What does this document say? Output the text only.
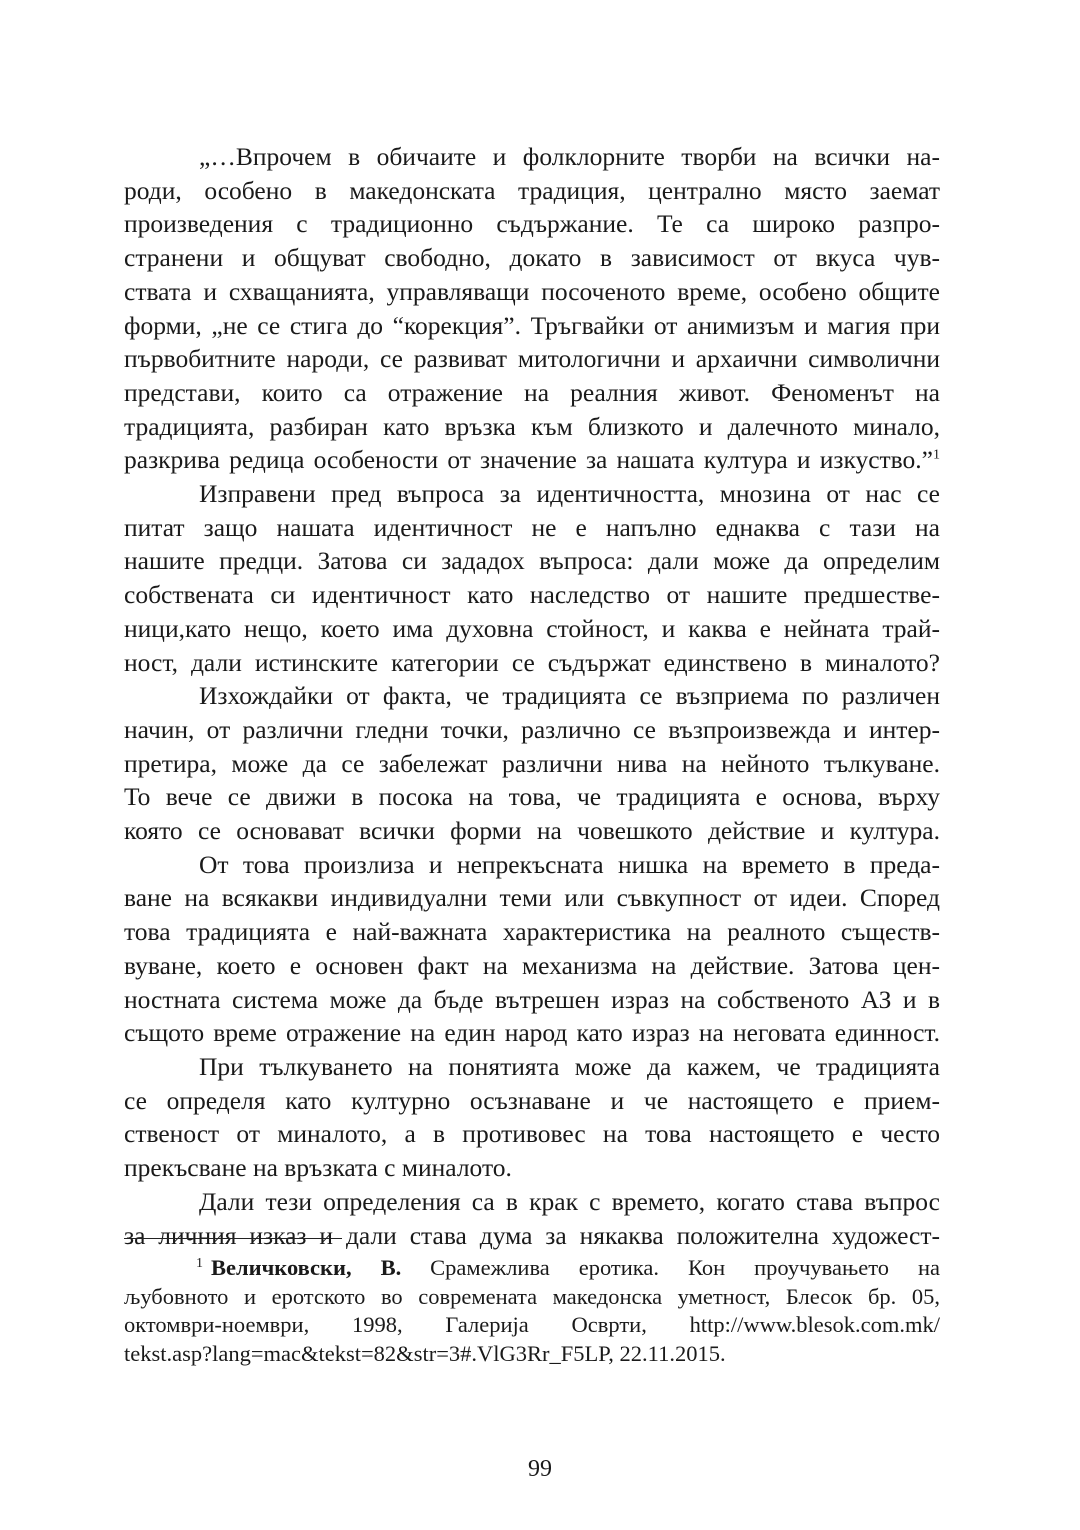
„…Впрочем в обичаите и фолклорните творби на всички на-
роди, особено в македонската традиция, централно място заемат
произведения с традиционно съдържание. Те са широко разпро-
странени и общуват свободно, докато в зависимост от вкуса чув-
ствата и схващанията, управляващи посоченото време, особено общите
форми, „не се стига до “корекция”. Тръгвайки от анимизъм и магия при
първобитните народи, се развиват митологични и архаични символични
представи, които са отражение на реалния живот. Феноменът на
традицията, разбиран като връзка към близкото и далечното минало,
разкрива редица особености от значение за нашата култура и изкуство.”$^1$
Изправени пред въпроса за идентичността, мнозина от нас се
питат защо нашата идентичност не е напълно еднаква с тази на
нашите предци. Затова си зададох въпроса: дали може да определим
собствената си идентичност като наследство от нашите предшестве-
ници,като нещо, което има духовна стойност, и каква е нейната трай-
ност, дали истинските категории се съдържат единствено в миналото?
Изхождайки от факта, че традицията се възприема по различен
начин, от различни гледни точки, различно се възпроизвежда и интер-
претира, може да се забележат различни нива на нейното тълкуване.
То вече се движи в посока на това, че традицията е основа, върху
която се основават всички форми на човешкото действие и култура.
От това произлиза и непрекъсната нишка на времето в преда-
ване на всякакви индивидуални теми или съвкупност от идеи. Според
това традицията е най-важната характеристика на реалното съществ-
вуване, което е основен факт на механизма на действие. Затова цен-
ностната система може да бъде вътрешен израз на собственото АЗ и в
същото време отражение на един народ като израз на неговата единност.
При тълкуването на понятията може да кажем, че традицията
се определя като културно осъзнаване и че настоящето е прием-
ственост от миналото, а в противовес на това настоящето е често
прекъсване на връзката с миналото.
Дали тези определения са в крак с времето, когато става въпрос
за личния изказ и дали става дума за някаква положителна художест-
$^1$ Величковски, В. Срамежлива еротика. Кон проучувањето на
љубовното и еротското во современата македонска уметност, Блесок бр. 05,
октомври-ноември, 1998, Галерија Осврти, http://www.blesok.com.mk/
tekst.asp?lang=mac&tekst=82&str=3#.VlG3Rr_F5LP, 22.11.2015.
99
